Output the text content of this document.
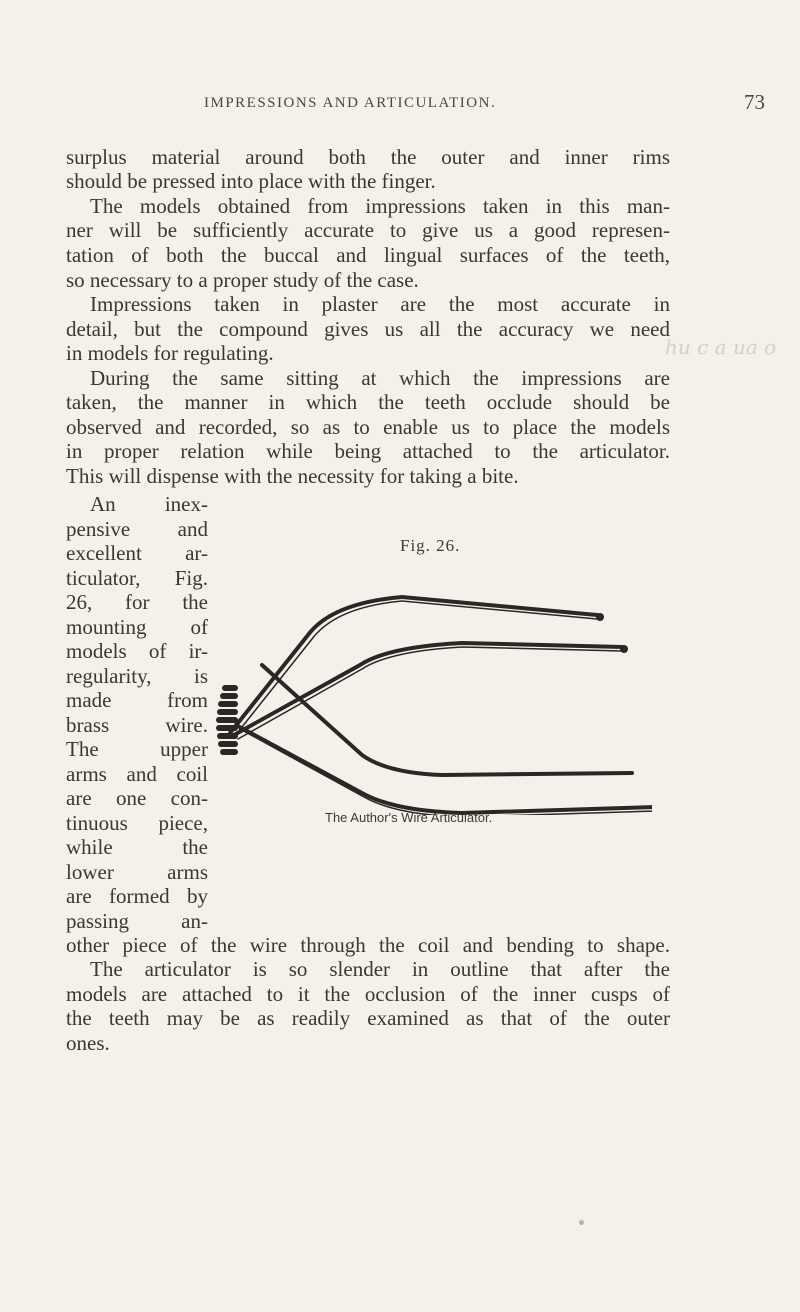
IMPRESSIONS AND ARTICULATION.	73
surplus material around both the outer and inner rims
should be pressed into place with the finger.
The models obtained from impressions taken in this man-
ner will be sufficiently accurate to give us a good represen-
tation of both the buccal and lingual surfaces of the teeth,
so necessary to a proper study of the case.
Impressions taken in plaster are the most accurate in
detail, but the compound gives us all the accuracy we need
in models for regulating.
During the same sitting at which the impressions are
taken, the manner in which the teeth occlude should be
observed and recorded, so as to enable us to place the models
in proper relation while being attached to the articulator.
This will dispense with the necessity for taking a bite.
hu c a ua o
An inex-
pensive and
excellent ar-
ticulator, Fig.
26, for the
mounting of
models of ir-
regularity, is
made from
brass wire.
The upper
arms and coil
are one con-
tinuous piece,
while the
lower arms
are formed by
passing an-
Fig. 26.
The Author's Wire Articulator.
other piece of the wire through the coil and bending to shape.
The articulator is so slender in outline that after the
models are attached to it the occlusion of the inner cusps of
the teeth may be as readily examined as that of the outer
ones.
